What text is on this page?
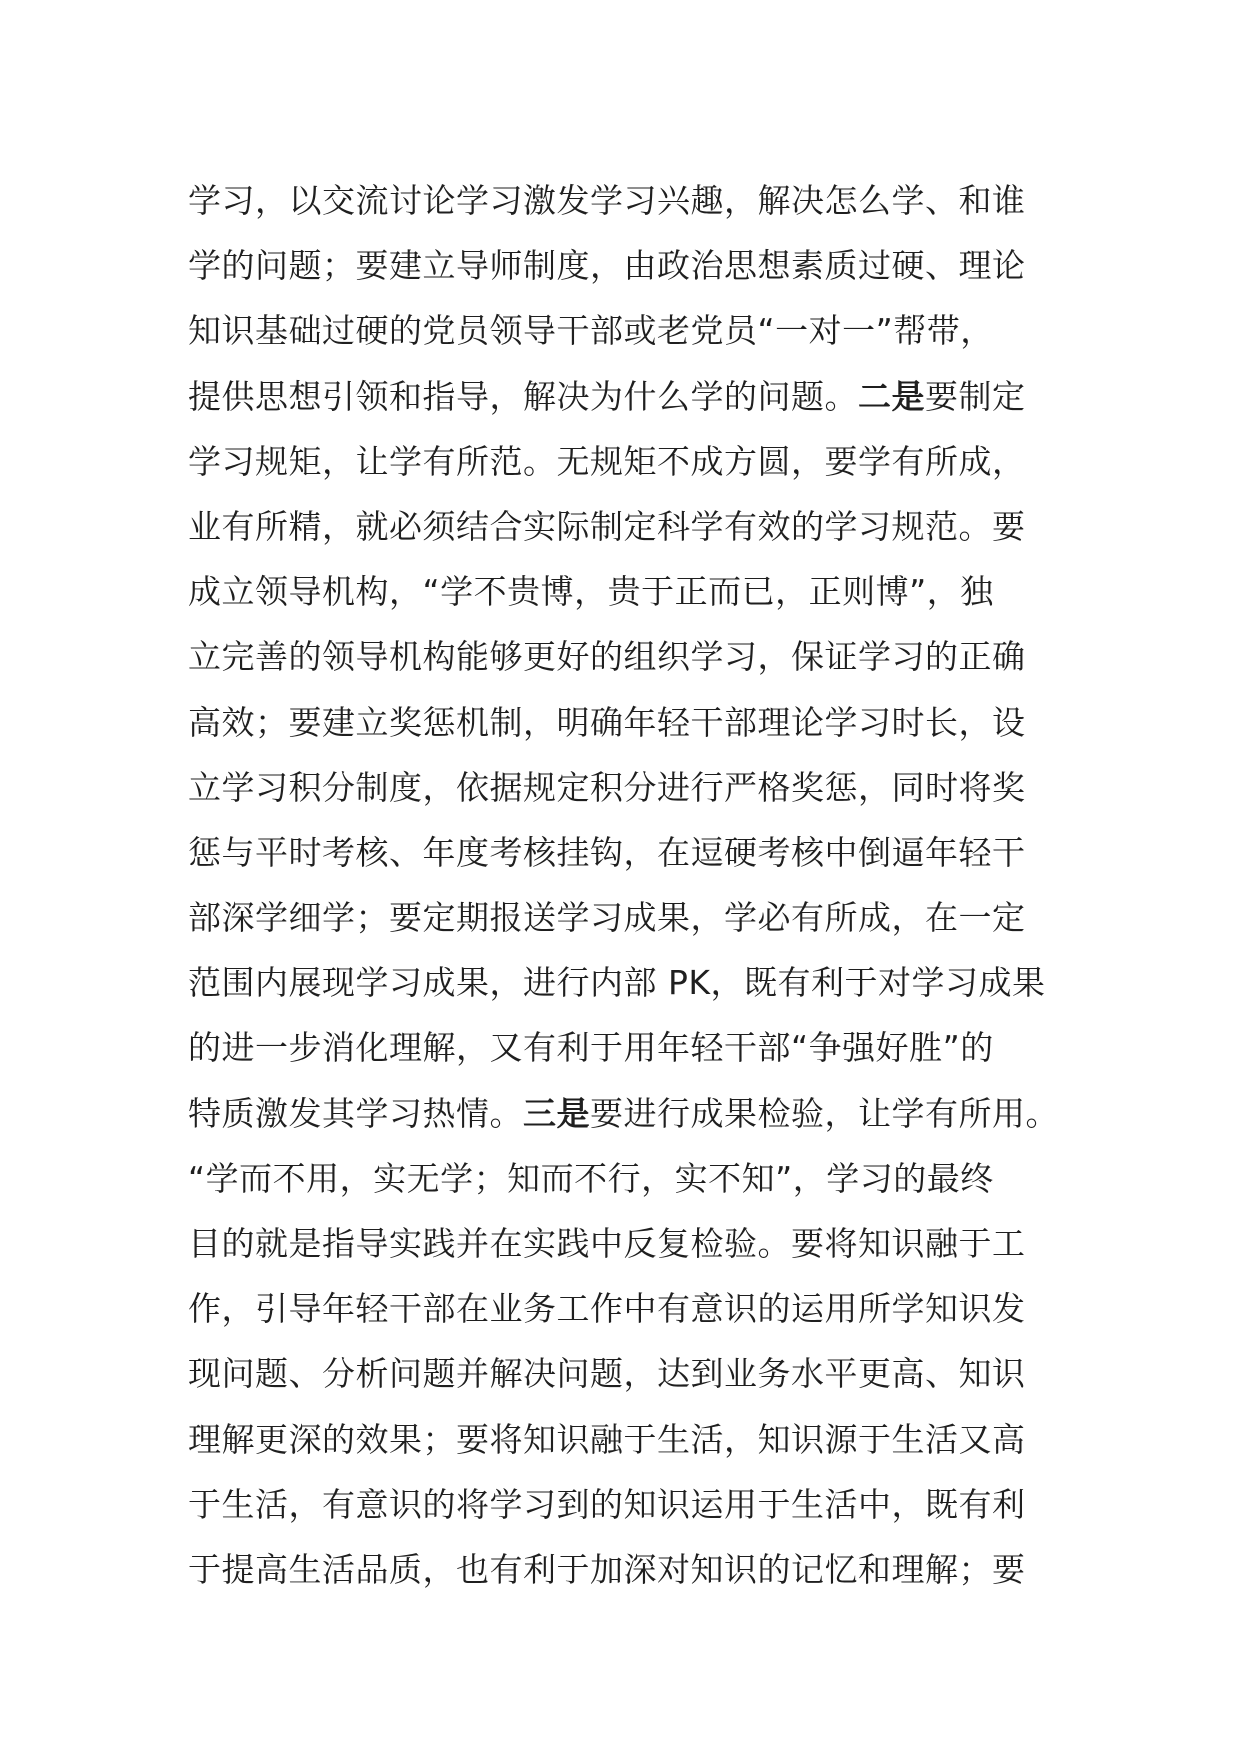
学习，以交流讨论学习激发学习兴趣，解决怎么学、和谁
学的问题；要建立导师制度，由政治思想素质过硬、理论
知识基础过硬的党员领导干部或老党员“一对一”帮带，
提供思想引领和指导，解决为什么学的问题。二是要制定
学习规矩，让学有所范。无规矩不成方圆，要学有所成，
业有所精，就必须结合实际制定科学有效的学习规范。要
成立领导机构，“学不贵博，贵于正而已，正则博”，独
立完善的领导机构能够更好的组织学习，保证学习的正确
高效；要建立奖惩机制，明确年轻干部理论学习时长，设
立学习积分制度，依据规定积分进行严格奖惩，同时将奖
惩与平时考核、年度考核挂钩，在逗硬考核中倒逼年轻干
部深学细学；要定期报送学习成果，学必有所成，在一定
范围内展现学习成果，进行内部 PK，既有利于对学习成果
的进一步消化理解，又有利于用年轻干部“争强好胜”的
特质激发其学习热情。三是要进行成果检验，让学有所用。
“学而不用，实无学；知而不行，实不知”，学习的最终
目的就是指导实践并在实践中反复检验。要将知识融于工
作，引导年轻干部在业务工作中有意识的运用所学知识发
现问题、分析问题并解决问题，达到业务水平更高、知识
理解更深的效果；要将知识融于生活，知识源于生活又高
于生活，有意识的将学习到的知识运用于生活中，既有利
于提高生活品质，也有利于加深对知识的记忆和理解；要
